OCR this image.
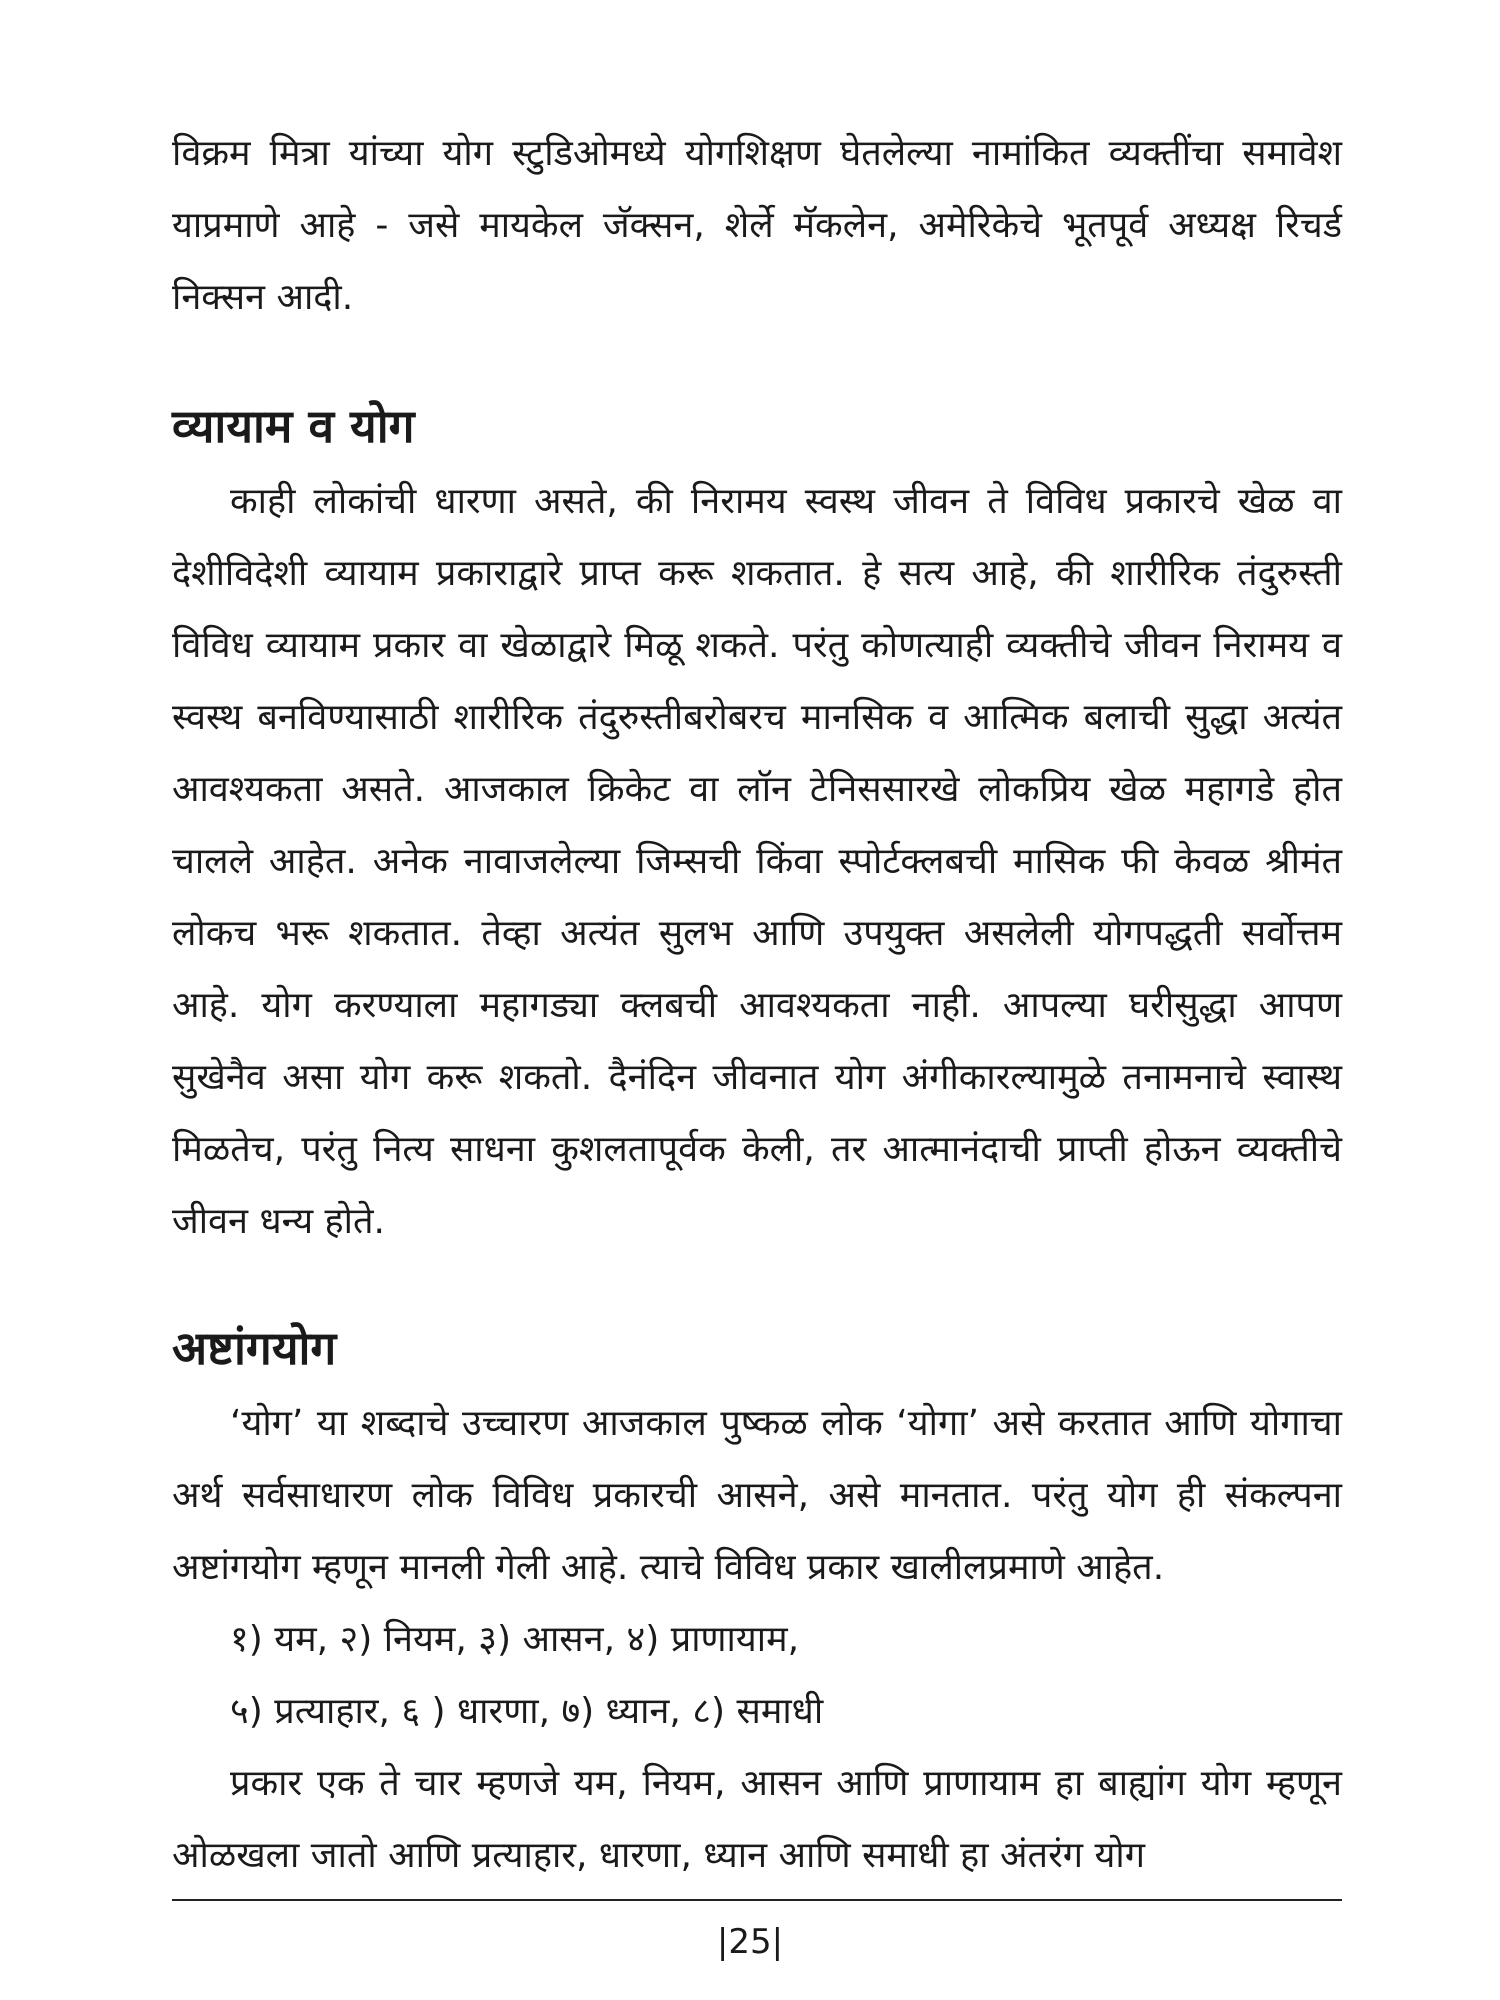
विक्रम मित्रा यांच्या योग स्टुडिओमध्ये योगशिक्षण घेतलेल्या नामांकित व्यक्तींचा समावेश याप्रमाणे आहे - जसे मायकेल जॅक्सन, शेर्ले मॅकलेन, अमेरिकेचे भूतपूर्व अध्यक्ष रिचर्ड निक्सन आदी.

व्यायाम व योग

काही लोकांची धारणा असते, की निरामय स्वस्थ जीवन ते विविध प्रकारचे खेळ वा देशीविदेशी व्यायाम प्रकाराद्वारे प्राप्त करू शकतात. हे सत्य आहे, की शारीरिक तंदुरुस्ती विविध व्यायाम प्रकार वा खेळाद्वारे मिळू शकते. परंतु कोणत्याही व्यक्तीचे जीवन निरामय व स्वस्थ बनविण्यासाठी शारीरिक तंदुरुस्तीबरोबरच मानसिक व आत्मिक बलाची सुद्धा अत्यंत आवश्यकता असते. आजकाल क्रिकेट वा लॉन टेनिससारखे लोकप्रिय खेळ महागडे होत चालले आहेत. अनेक नावाजलेल्या जिम्सची किंवा स्पोर्टक्लबची मासिक फी केवळ श्रीमंत लोकच भरू शकतात. तेव्हा अत्यंत सुलभ आणि उपयुक्त असलेली योगपद्धती सर्वोत्तम आहे. योग करण्याला महागड्या क्लबची आवश्यकता नाही. आपल्या घरीसुद्धा आपण सुखेनैव असा योग करू शकतो. दैनंदिन जीवनात योग अंगीकारल्यामुळे तनामनाचे स्वास्थ मिळतेच, परंतु नित्य साधना कुशलतापूर्वक केली, तर आत्मानंदाची प्राप्ती होऊन व्यक्तीचे जीवन धन्य होते.

अष्टांगयोग

‘योग’ या शब्दाचे उच्चारण आजकाल पुष्कळ लोक ‘योगा’ असे करतात आणि योगाचा अर्थ सर्वसाधारण लोक विविध प्रकारची आसने, असे मानतात. परंतु योग ही संकल्पना अष्टांगयोग म्हणून मानली गेली आहे. त्याचे विविध प्रकार खालीलप्रमाणे आहेत.

१) यम, २) नियम, ३) आसन, ४) प्राणायाम,

५) प्रत्याहार, ६ ) धारणा, ७) ध्यान, ८) समाधी

प्रकार एक ते चार म्हणजे यम, नियम, आसन आणि प्राणायाम हा बाह्यांग योग म्हणून ओळखला जातो आणि प्रत्याहार, धारणा, ध्यान आणि समाधी हा अंतरंग योग

|25|
